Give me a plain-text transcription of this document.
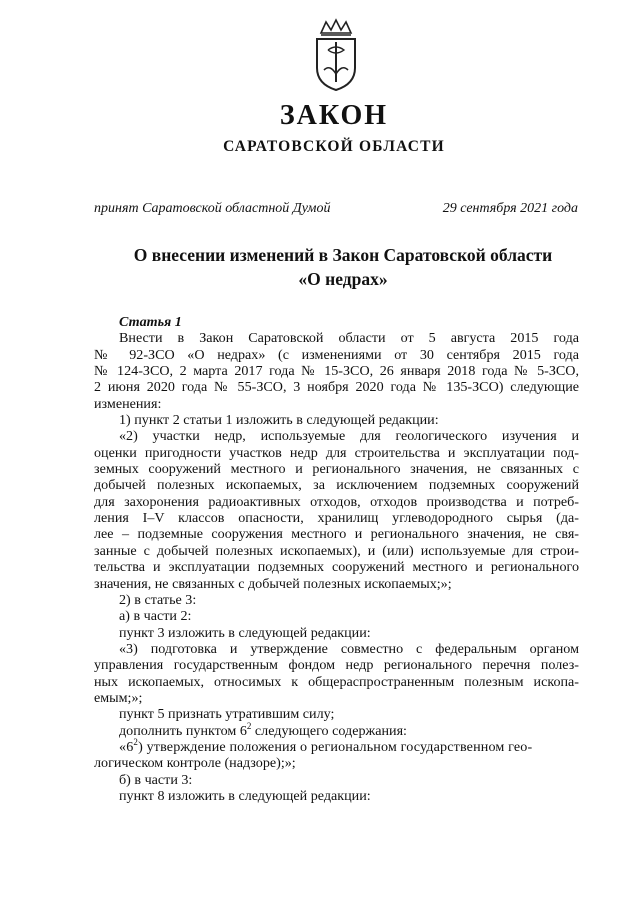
ЗАКОН
САРАТОВСКОЙ ОБЛАСТИ
принят Саратовской областной Думой	29 сентября 2021 года
О внесении изменений в Закон Саратовской области
«О недрах»
Статья 1
Внести в Закон Саратовской области от 5 августа 2015 года
№ 92-ЗСО «О недрах» (с изменениями от 30 сентября 2015 года
№ 124-ЗСО, 2 марта 2017 года № 15-ЗСО, 26 января 2018 года № 5-ЗСО,
2 июня 2020 года № 55-ЗСО, 3 ноября 2020 года № 135-ЗСО) следующие
изменения:
1) пункт 2 статьи 1 изложить в следующей редакции:
«2) участки недр, используемые для геологического изучения и
оценки пригодности участков недр для строительства и эксплуатации под-
земных сооружений местного и регионального значения, не связанных с
добычей полезных ископаемых, за исключением подземных сооружений
для захоронения радиоактивных отходов, отходов производства и потреб-
ления I–V классов опасности, хранилищ углеводородного сырья (да-
лее – подземные сооружения местного и регионального значения, не свя-
занные с добычей полезных ископаемых), и (или) используемые для строи-
тельства и эксплуатации подземных сооружений местного и регионального
значения, не связанных с добычей полезных ископаемых;»;
2) в статье 3:
а) в части 2:
пункт 3 изложить в следующей редакции:
«3) подготовка и утверждение совместно с федеральным органом
управления государственным фондом недр регионального перечня полез-
ных ископаемых, относимых к общераспространенным полезным ископа-
емым;»;
пункт 5 признать утратившим силу;
дополнить пунктом $6^2$ следующего содержания:
«$6^2$) утверждение положения о региональном государственном гео-
логическом контроле (надзоре);»;
б) в части 3:
пункт 8 изложить в следующей редакции:
